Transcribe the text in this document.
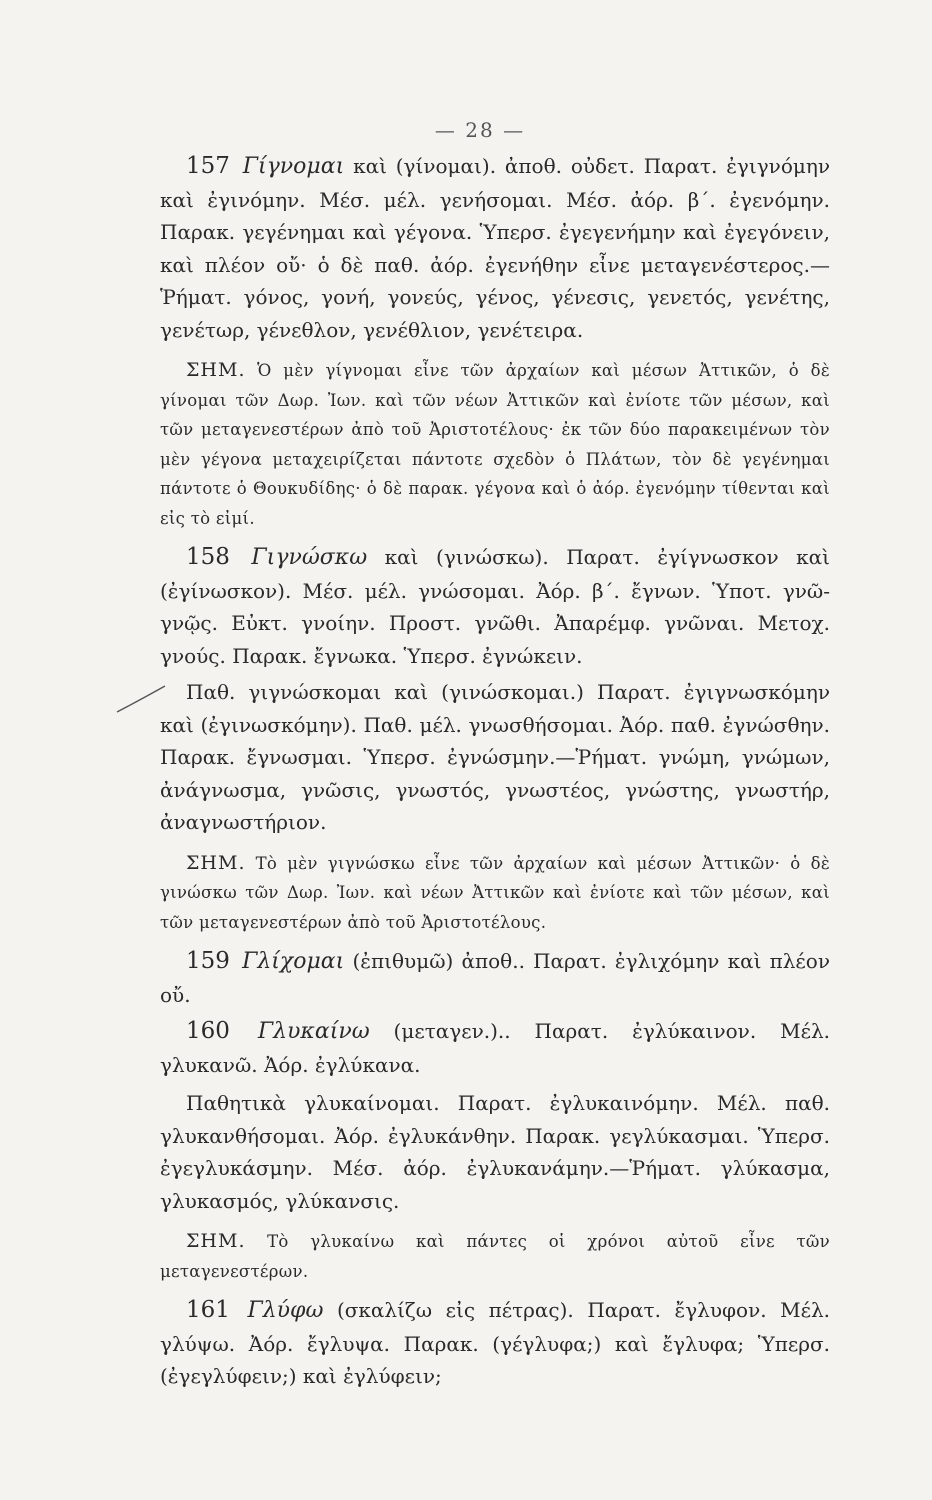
— 28 —

157 Γίγνομαι καὶ (γίνομαι). ἀποθ. οὐδετ. Παρατ. ἐγιγνόμην καὶ ἐγινόμην. Μέσ. μέλ. γενήσομαι. Μέσ. ἀόρ. β΄. ἐγενόμην. Παρακ. γεγένημαι καὶ γέγονα. Ὑπερσ. ἐγεγενήμην καὶ ἐγεγόνειν, καὶ πλέον οὔ· ὁ δὲ παθ. ἀόρ. ἐγενήθην εἶνε μεταγενέστερος.—Ῥήματ. γόνος, γονή, γονεύς, γένος, γένεσις, γενετός, γενέτης, γενέτωρ, γένεθλον, γενέθλιον, γενέτειρα.

ΣΗΜ. Ὁ μὲν γίγνομαι εἶνε τῶν ἀρχαίων καὶ μέσων Ἀττικῶν, ὁ δὲ γίνομαι τῶν Δωρ. Ἰων. καὶ τῶν νέων Ἀττικῶν καὶ ἐνίοτε τῶν μέσων, καὶ τῶν μεταγενεστέρων ἀπὸ τοῦ Ἀριστοτέλους· ἐκ τῶν δύο παρακειμένων τὸν μὲν γέγονα μεταχειρίζεται πάντοτε σχεδὸν ὁ Πλάτων, τὸν δὲ γεγένημαι πάντοτε ὁ Θουκυδίδης· ὁ δὲ παρακ. γέγονα καὶ ὁ ἀόρ. ἐγενόμην τίθενται καὶ εἰς τὸ εἰμί.

158 Γιγνώσκω καὶ (γινώσκω). Παρατ. ἐγίγνωσκον καὶ (ἐγίνωσκον). Μέσ. μέλ. γνώσομαι. Ἀόρ. β΄. ἔγνων. Ὑποτ. γνῶ-γνῷς. Εὐκτ. γνοίην. Προστ. γνῶθι. Ἀπαρέμφ. γνῶναι. Μετοχ. γνούς. Παρακ. ἔγνωκα. Ὑπερσ. ἐγνώκειν.

Παθ. γιγνώσκομαι καὶ (γινώσκομαι.) Παρατ. ἐγιγνωσκόμην καὶ (ἐγινωσκόμην). Παθ. μέλ. γνωσθήσομαι. Ἀόρ. παθ. ἐγνώσθην. Παρακ. ἔγνωσμαι. Ὑπερσ. ἐγνώσμην.—Ῥήματ. γνώμη, γνώμων, ἀνάγνωσμα, γνῶσις, γνωστός, γνωστέος, γνώστης, γνωστήρ, ἀναγνωστήριον.

ΣΗΜ. Τὸ μὲν γιγνώσκω εἶνε τῶν ἀρχαίων καὶ μέσων Ἀττικῶν· ὁ δὲ γινώσκω τῶν Δωρ. Ἰων. καὶ νέων Ἀττικῶν καὶ ἐνίοτε καὶ τῶν μέσων, καὶ τῶν μεταγενεστέρων ἀπὸ τοῦ Ἀριστοτέλους.

159 Γλίχομαι (ἐπιθυμῶ) ἀποθ.. Παρατ. ἐγλιχόμην καὶ πλέον οὔ.

160 Γλυκαίνω (μεταγεν.).. Παρατ. ἐγλύκαινον. Μέλ. γλυκανῶ. Ἀόρ. ἐγλύκανα.

Παθητικὰ γλυκαίνομαι. Παρατ. ἐγλυκαινόμην. Μέλ. παθ. γλυκανθήσομαι. Ἀόρ. ἐγλυκάνθην. Παρακ. γεγλύκασμαι. Ὑπερσ. ἐγεγλυκάσμην. Μέσ. ἀόρ. ἐγλυκανάμην.—Ῥήματ. γλύκασμα, γλυκασμός, γλύκανσις.

ΣΗΜ. Τὸ γλυκαίνω καὶ πάντες οἱ χρόνοι αὐτοῦ εἶνε τῶν μεταγενεστέρων.

161 Γλύφω (σκαλίζω εἰς πέτρας). Παρατ. ἔγλυφον. Μέλ. γλύψω. Ἀόρ. ἔγλυψα. Παρακ. (γέγλυφα;) καὶ ἔγλυφα; Ὑπερσ. (ἐγεγλύφειν;) καὶ ἐγλύφειν;
